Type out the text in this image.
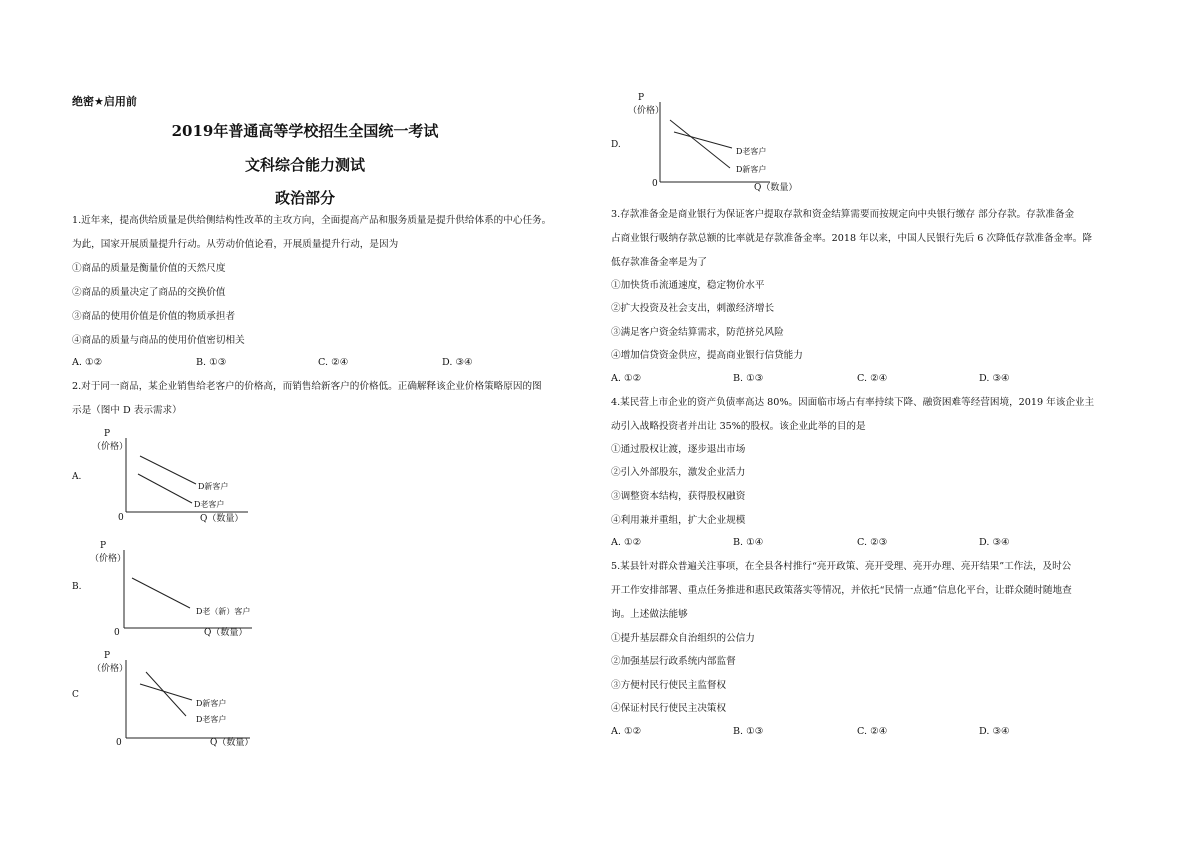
绝密★启用前
2019年普通高等学校招生全国统一考试
文科综合能力测试
政治部分
1.近年来，提高供给质量是供给侧结构性改革的主攻方向，全面提高产品和服务质量是提升供给体系的中心任务。
为此，国家开展质量提升行动。从劳动价值论看，开展质量提升行动，是因为
①商品的质量是衡量价值的天然尺度
②商品的质量决定了商品的交换价值
③商品的使用价值是价值的物质承担者
④商品的质量与商品的使用价值密切相关
A. ①②	B. ①③	C. ②④	D. ③④
2.对于同一商品，某企业销售给老客户的价格高，而销售给新客户的价格低。正确解释该企业价格策略原因的图
示是（图中 D 表示需求）
A.
P
（价格）
0	Q（数量）
D新客户
D老客户
B.
P
（价格）
0	Q（数量）
D老（新）客户
C
P
（价格）
0	Q（数量）
D新客户
D老客户
D.
P
（价格）
0	Q（数量）
D老客户
D新客户
3.存款准备金是商业银行为保证客户提取存款和资金结算需要而按规定向中央银行缴存 部分存款。存款准备金
占商业银行吸纳存款总额的比率就是存款准备金率。2018 年以来，中国人民银行先后 6 次降低存款准备金率。降
低存款准备金率是为了
①加快货币流通速度，稳定物价水平
②扩大投资及社会支出，刺激经济增长
③满足客户资金结算需求，防范挤兑风险
④增加信贷资金供应，提高商业银行信贷能力
A. ①②	B. ①③	C. ②④	D. ③④
4.某民营上市企业的资产负债率高达 80%。因面临市场占有率持续下降、融资困难等经营困境，2019 年该企业主
动引入战略投资者并出让 35%的股权。该企业此举的目的是
①通过股权让渡，逐步退出市场
②引入外部股东，激发企业活力
③调整资本结构，获得股权融资
④利用兼并重组，扩大企业规模
A. ①②	B. ①④	C. ②③	D. ③④
5.某县针对群众普遍关注事项，在全县各村推行“亮开政策、亮开受理、亮开办理、亮开结果”工作法，及时公
开工作安排部署、重点任务推进和惠民政策落实等情况，并依托“民情一点通”信息化平台，让群众随时随地查
询。上述做法能够
①提升基层群众自治组织的公信力
②加强基层行政系统内部监督
③方便村民行使民主监督权
④保证村民行使民主决策权
A. ①②	B. ①③	C. ②④	D. ③④
